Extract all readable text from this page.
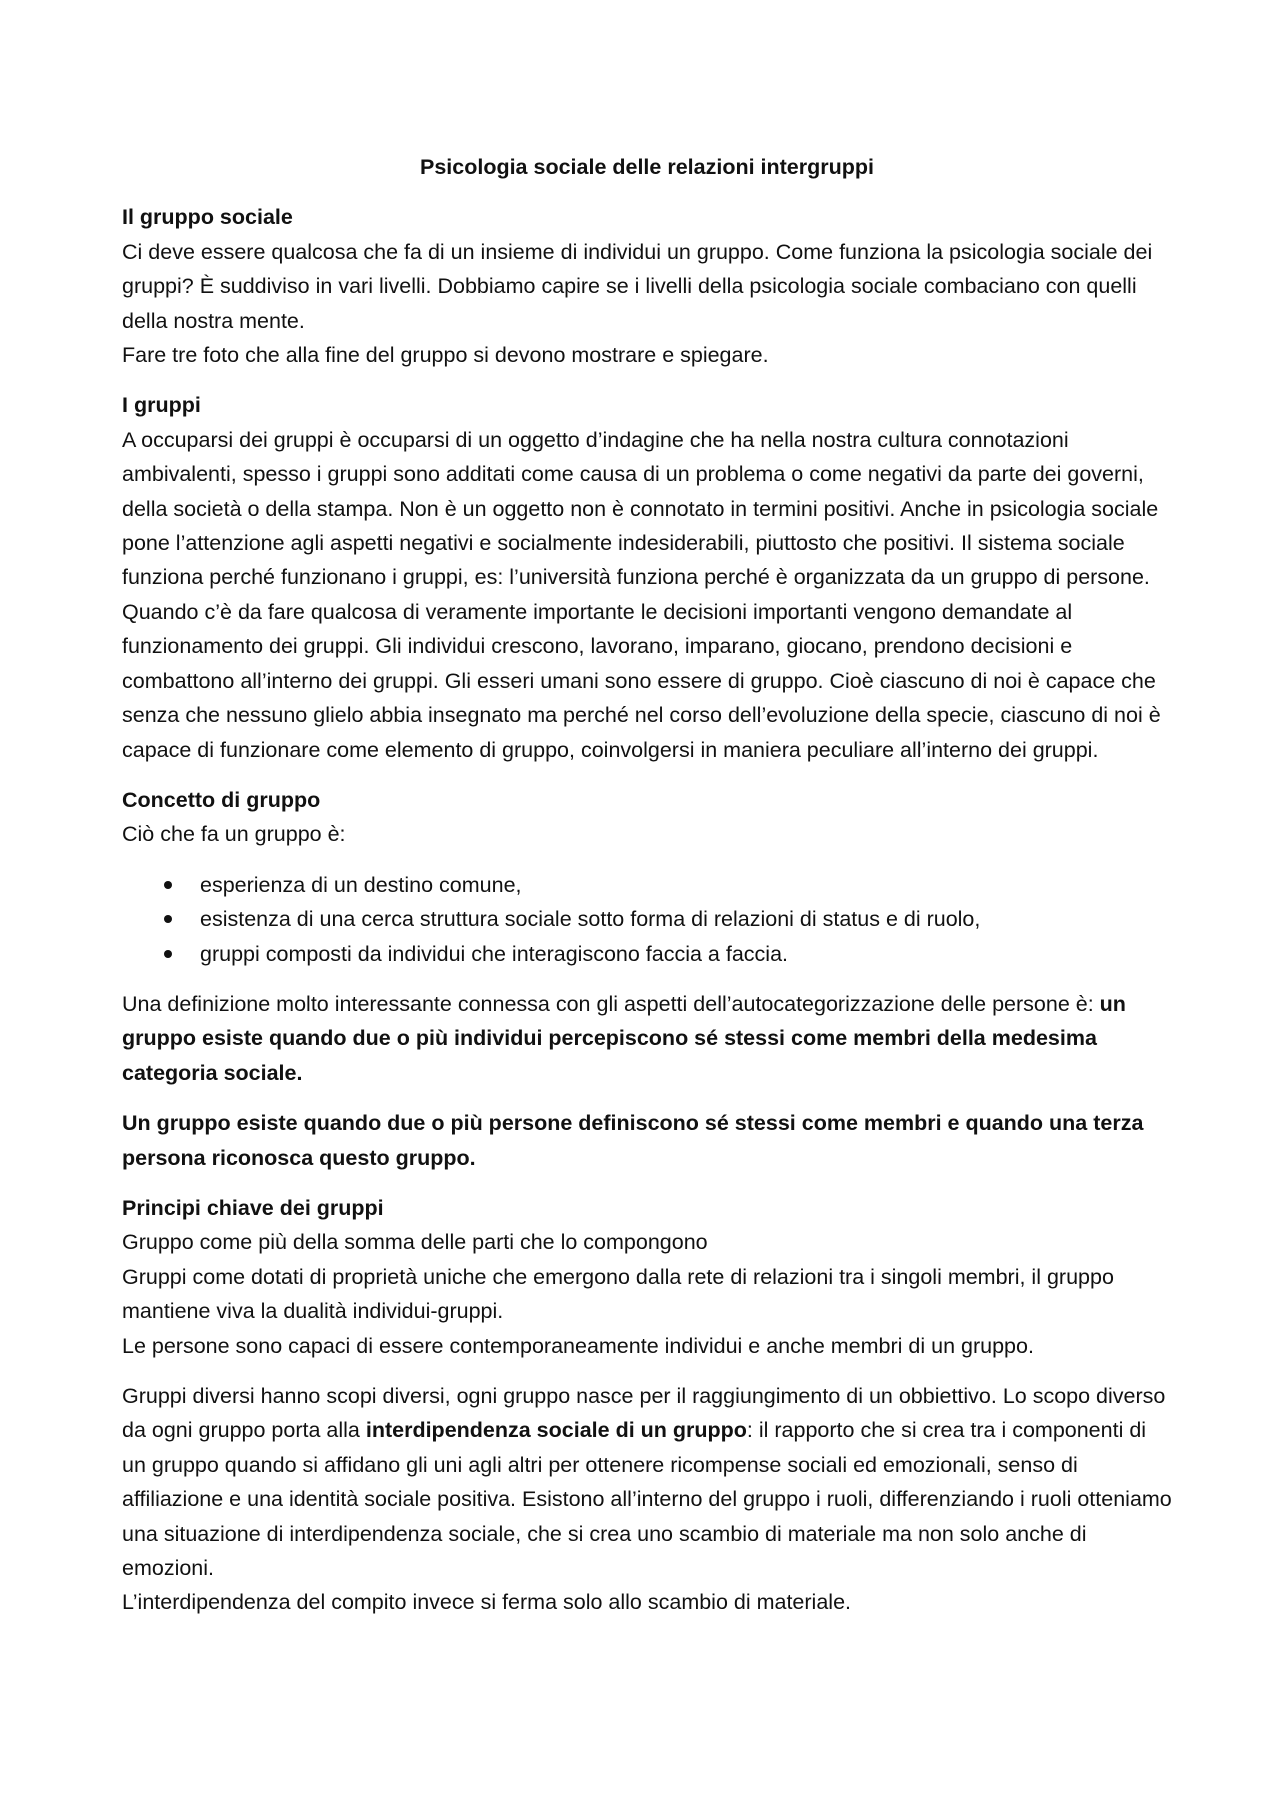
Psicologia sociale delle relazioni intergruppi

Il gruppo sociale

Ci deve essere qualcosa che fa di un insieme di individui un gruppo. Come funziona la psicologia sociale dei gruppi? È suddiviso in vari livelli. Dobbiamo capire se i livelli della psicologia sociale combaciano con quelli della nostra mente.

Fare tre foto che alla fine del gruppo si devono mostrare e spiegare.

I gruppi

A occuparsi dei gruppi è occuparsi di un oggetto d’indagine che ha nella nostra cultura connotazioni ambivalenti, spesso i gruppi sono additati come causa di un problema o come negativi da parte dei governi, della società o della stampa. Non è un oggetto non è connotato in termini positivi. Anche in psicologia sociale pone l’attenzione agli aspetti negativi e socialmente indesiderabili, piuttosto che positivi. Il sistema sociale funziona perché funzionano i gruppi, es: l’università funziona perché è organizzata da un gruppo di persone. Quando c’è da fare qualcosa di veramente importante le decisioni importanti vengono demandate al funzionamento dei gruppi. Gli individui crescono, lavorano, imparano, giocano, prendono decisioni e combattono all’interno dei gruppi. Gli esseri umani sono essere di gruppo. Cioè ciascuno di noi è capace che senza che nessuno glielo abbia insegnato ma perché nel corso dell’evoluzione della specie, ciascuno di noi è capace di funzionare come elemento di gruppo, coinvolgersi in maniera peculiare all’interno dei gruppi.

Concetto di gruppo

Ciò che fa un gruppo è:

esperienza di un destino comune,
esistenza di una cerca struttura sociale sotto forma di relazioni di status e di ruolo,
gruppi composti da individui che interagiscono faccia a faccia.

Una definizione molto interessante connessa con gli aspetti dell’autocategorizzazione delle persone è: un gruppo esiste quando due o più individui percepiscono sé stessi come membri della medesima categoria sociale.

Un gruppo esiste quando due o più persone definiscono sé stessi come membri e quando una terza persona riconosca questo gruppo.

Principi chiave dei gruppi

Gruppo come più della somma delle parti che lo compongono

Gruppi come dotati di proprietà uniche che emergono dalla rete di relazioni tra i singoli membri, il gruppo mantiene viva la dualità individui-gruppi.

Le persone sono capaci di essere contemporaneamente individui e anche membri di un gruppo.

Gruppi diversi hanno scopi diversi, ogni gruppo nasce per il raggiungimento di un obbiettivo. Lo scopo diverso da ogni gruppo porta alla interdipendenza sociale di un gruppo: il rapporto che si crea tra i componenti di un gruppo quando si affidano gli uni agli altri per ottenere ricompense sociali ed emozionali, senso di affiliazione e una identità sociale positiva. Esistono all’interno del gruppo i ruoli, differenziando i ruoli otteniamo una situazione di interdipendenza sociale, che si crea uno scambio di materiale ma non solo anche di emozioni.

L’interdipendenza del compito invece si ferma solo allo scambio di materiale.
